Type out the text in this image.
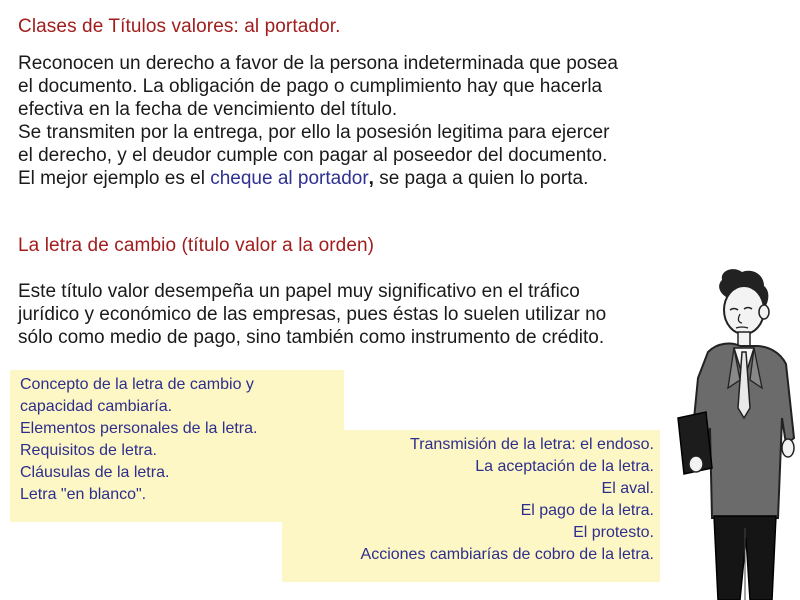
Clases de Títulos valores: al portador.
Reconocen un derecho a favor de la persona indeterminada que posea
el documento. La obligación de pago o cumplimiento hay que hacerla
efectiva en la fecha de vencimiento del título.
Se transmiten por la entrega, por ello la posesión legitima para ejercer
el derecho, y el deudor cumple con pagar al poseedor del documento.
El mejor ejemplo es el cheque al portador, se paga a quien lo porta.
La letra de cambio (título valor a la orden)
Este título valor desempeña un papel muy significativo en el tráfico
jurídico y económico de las empresas, pues éstas lo suelen utilizar no
sólo como medio de pago, sino también como instrumento de crédito.
Concepto de la letra de cambio y
capacidad cambiaría.
Elementos personales de la letra.
Requisitos de letra.
Cláusulas de la letra.
Letra "en blanco".
Transmisión de la letra: el endoso.
La aceptación de la letra.
El aval.
El pago de la letra.
El protesto.
Acciones cambiarías de cobro de la letra.
